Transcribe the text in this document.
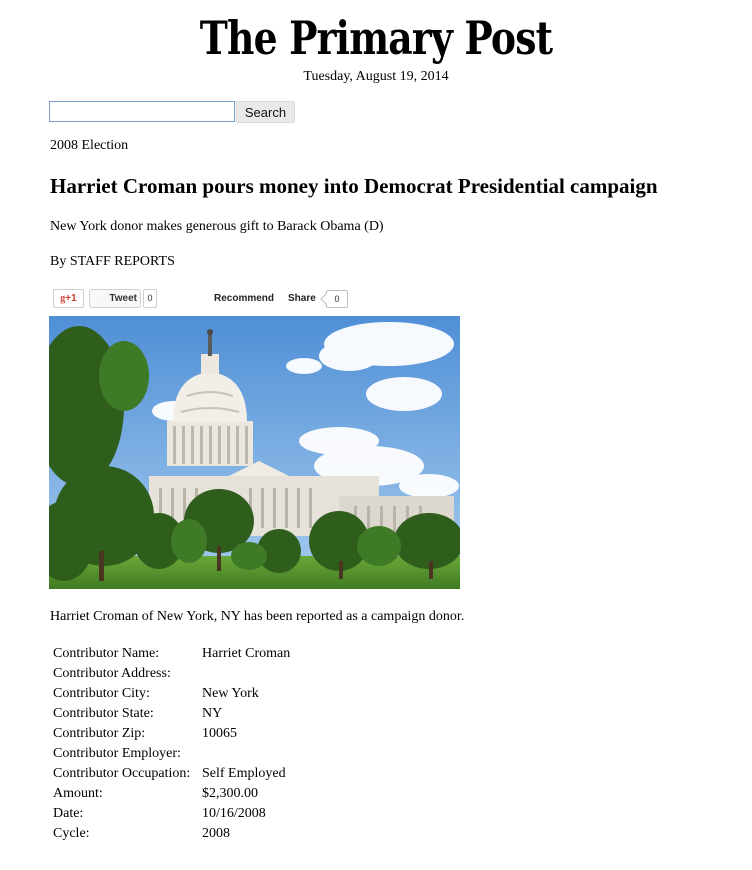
The Primary Post
Tuesday, August 19, 2014
Search
2008 Election
Harriet Croman pours money into Democrat Presidential campaign
New York donor makes generous gift to Barack Obama (D)
By STAFF REPORTS
g+1	Tweet	0	Recommend Share	0
Harriet Croman of New York, NY has been reported as a campaign donor.
Contributor Name:	Harriet Croman
Contributor Address:	
Contributor City:	New York
Contributor State:	NY
Contributor Zip:	10065
Contributor Employer:	
Contributor Occupation:	Self Employed
Amount:	$2,300.00
Date:	10/16/2008
Cycle:	2008
